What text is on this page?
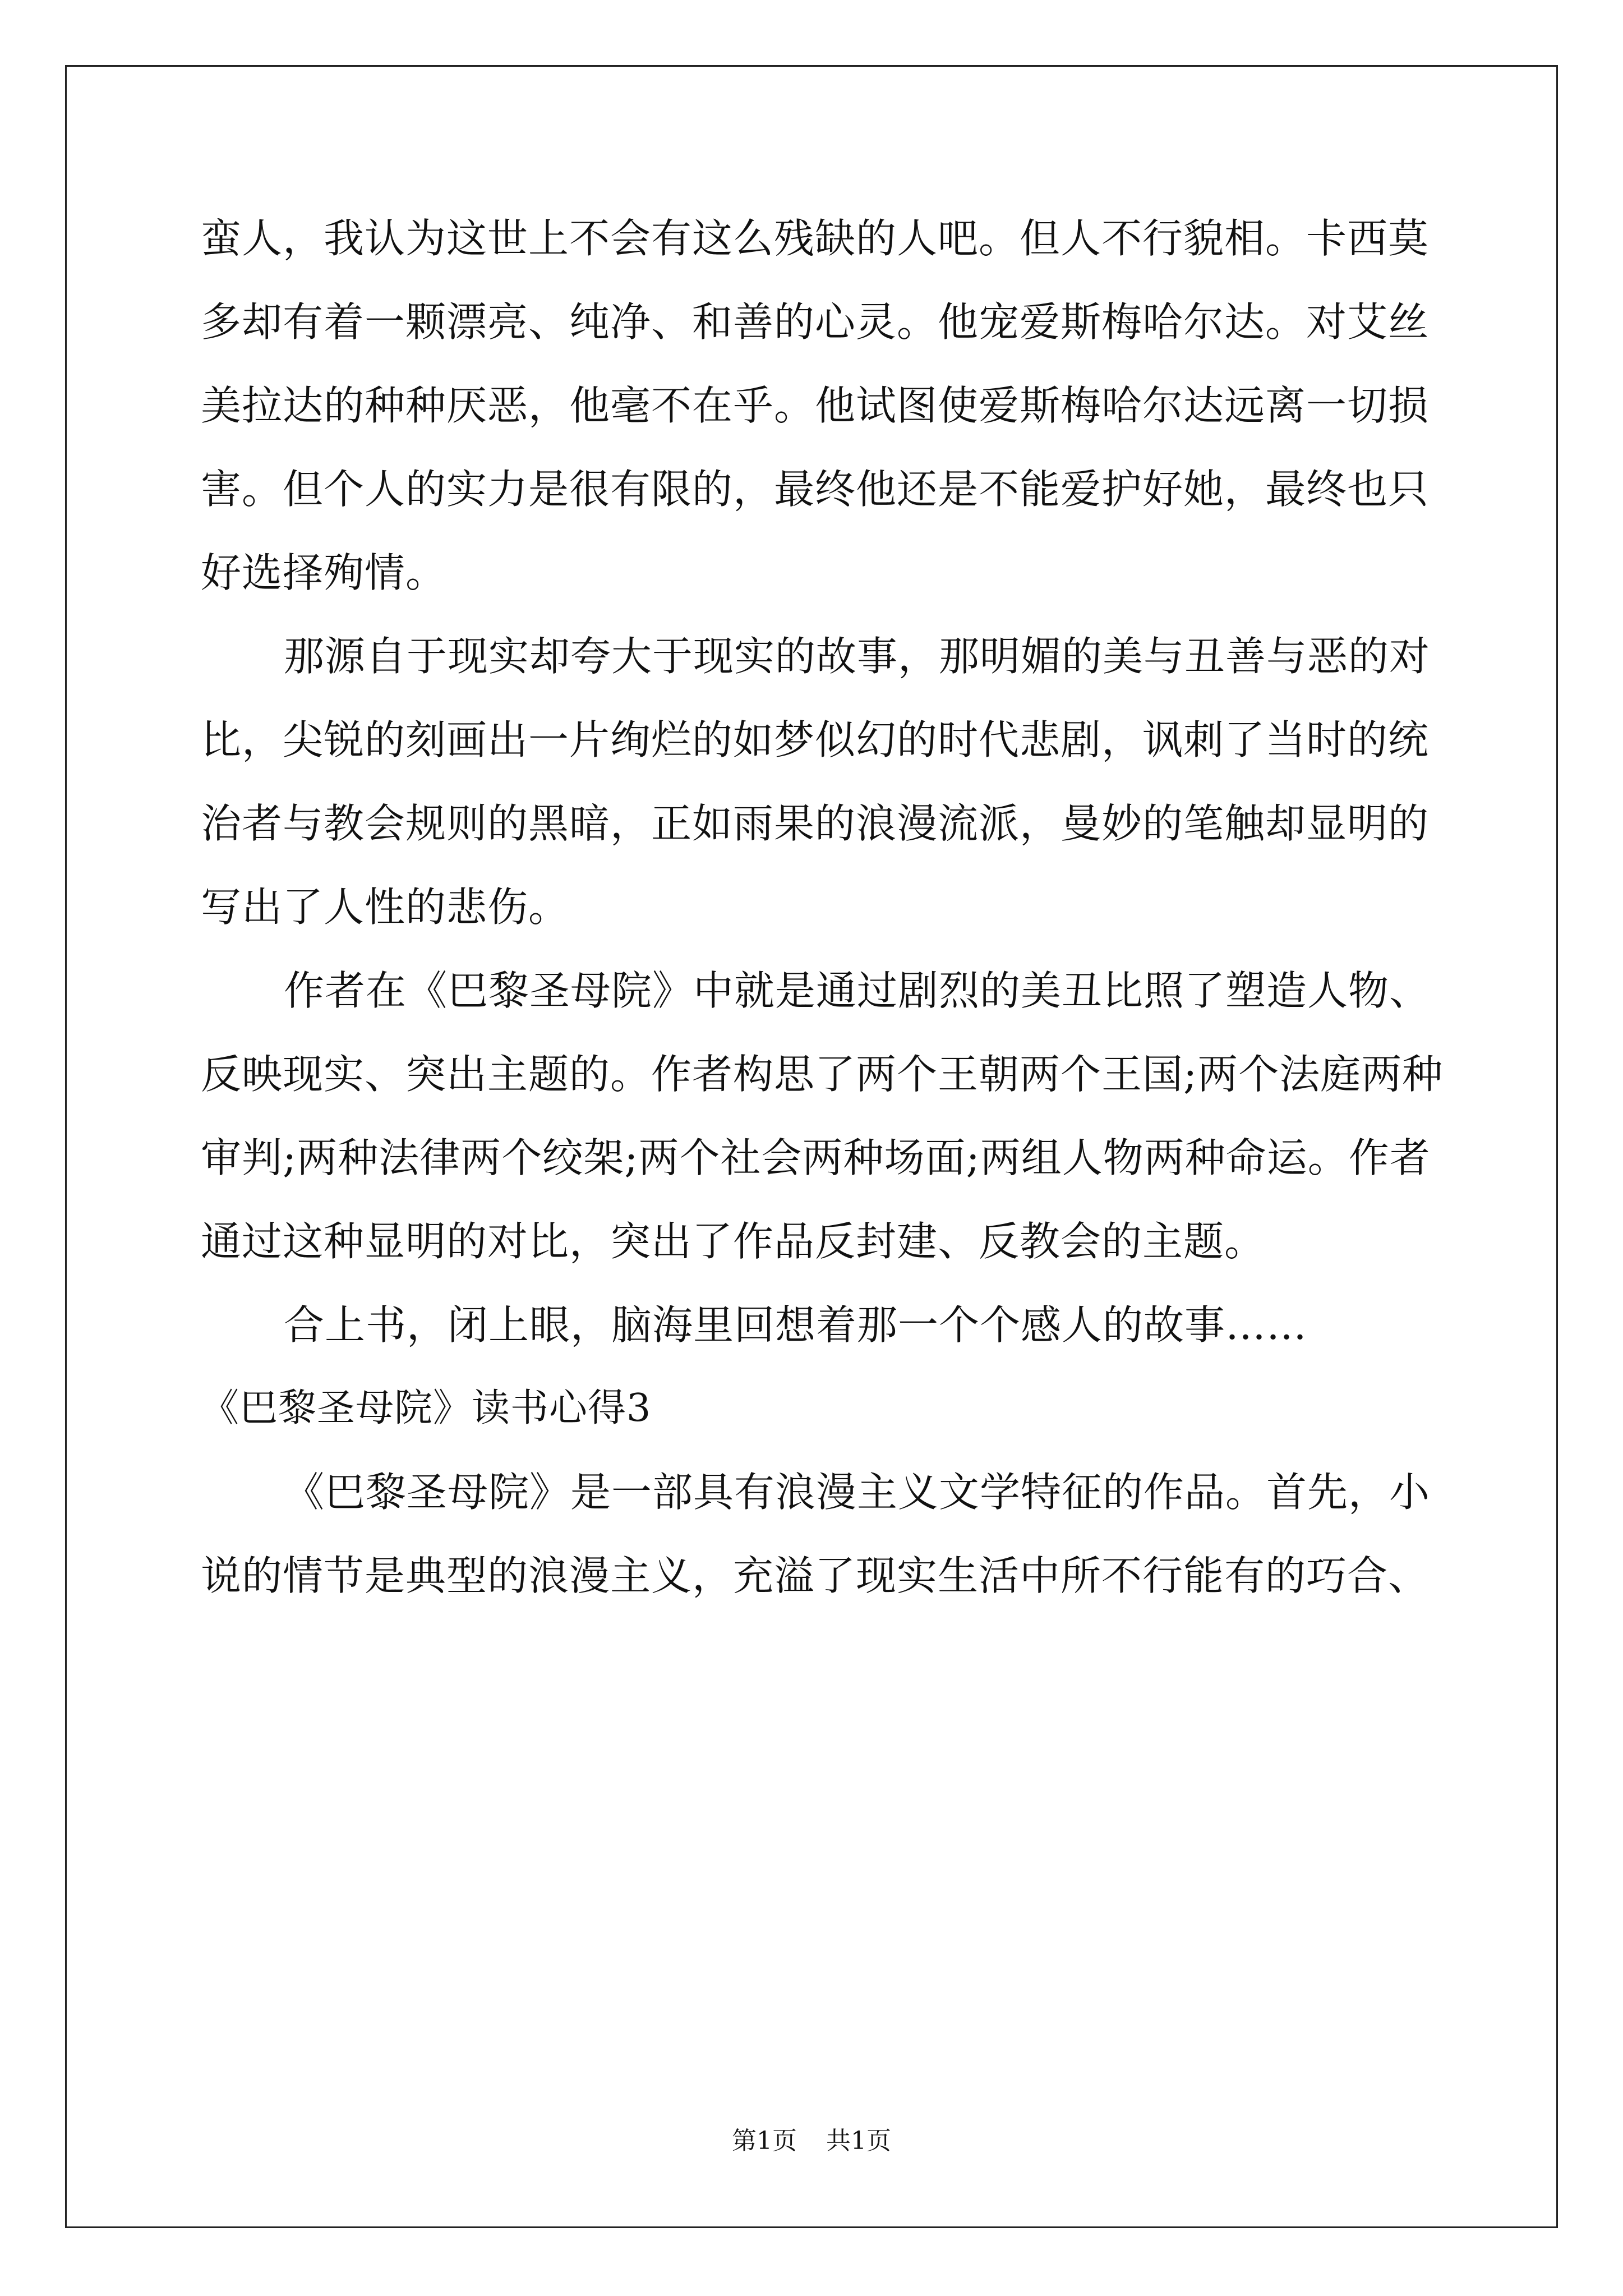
蛮人，我认为这世上不会有这么残缺的人吧。但人不行貌相。卡西莫
多却有着一颗漂亮、纯净、和善的心灵。他宠爱斯梅哈尔达。对艾丝
美拉达的种种厌恶，他毫不在乎。他试图使爱斯梅哈尔达远离一切损
害。但个人的实力是很有限的，最终他还是不能爱护好她，最终也只
好选择殉情。
那源自于现实却夸大于现实的故事，那明媚的美与丑善与恶的对
比，尖锐的刻画出一片绚烂的如梦似幻的时代悲剧，讽刺了当时的统
治者与教会规则的黑暗，正如雨果的浪漫流派，曼妙的笔触却显明的
写出了人性的悲伤。
作者在《巴黎圣母院》中就是通过剧烈的美丑比照了塑造人物、
反映现实、突出主题的。作者构思了两个王朝两个王国;两个法庭两种
审判;两种法律两个绞架;两个社会两种场面;两组人物两种命运。作者
通过这种显明的对比，突出了作品反封建、反教会的主题。
合上书，闭上眼，脑海里回想着那一个个感人的故事……
《巴黎圣母院》读书心得3
《巴黎圣母院》是一部具有浪漫主义文学特征的作品。首先，小
说的情节是典型的浪漫主义，充溢了现实生活中所不行能有的巧合、
第1页 共1页
